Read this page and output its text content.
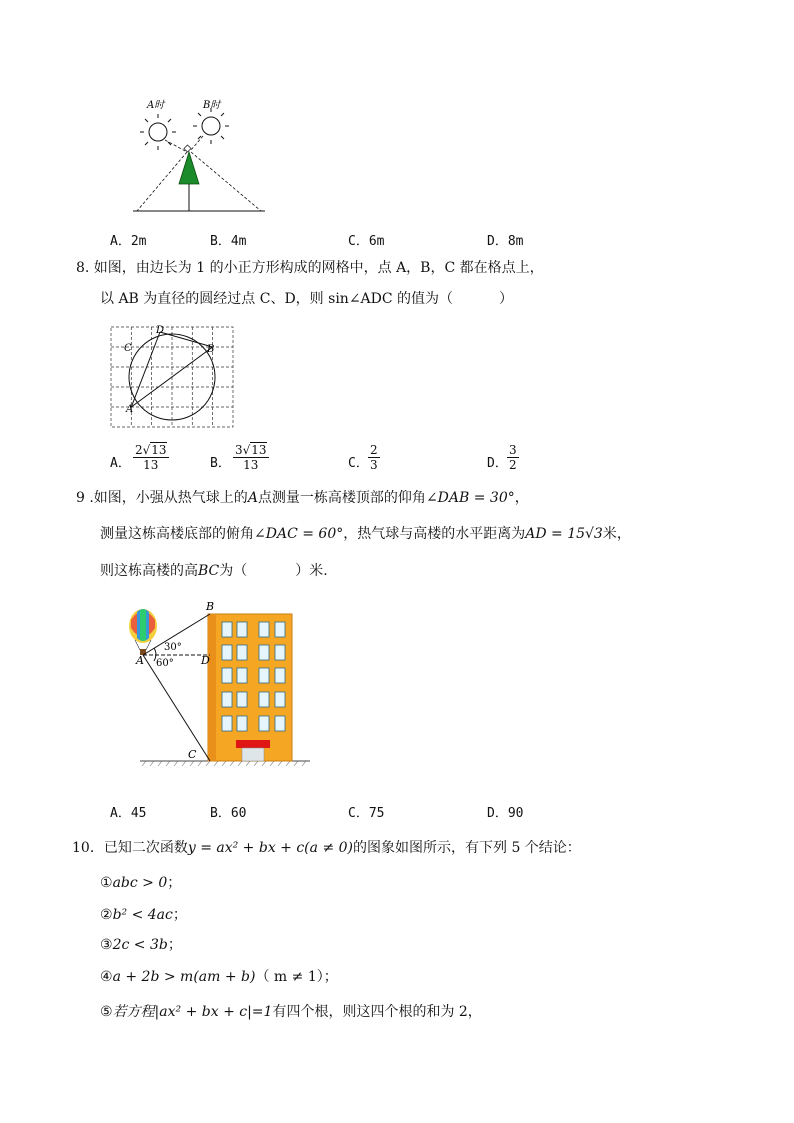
A时	B时
A．2m	B．4m	C．6m	D．8m
8. 如图，由边长为 1 的小正方形构成的网格中，点 A，B，C 都在格点上，
以 AB 为直径的圆经过点 C、D，则 sin∠ADC 的值为（	）
A
B
C
D
A． $\frac{2√13}{13}$	B． $\frac{3√13}{13}$	C． $\frac{2}{3}$	D． $\frac{3}{2}$
9 .如图，小强从热气球上的A点测量一栋高楼顶部的仰角∠DAB = 30°，
测量这栋高楼底部的俯角∠DAC = 60°，热气球与高楼的水平距离为AD = 15√3米，
则这栋高楼的高BC为（	）米.
B
D
A
C
30°
60°
A．45	B．60	C．75	D．90
10．已知二次函数y = ax² + bx + c(a ≠ 0)的图象如图所示，有下列 5 个结论：
①abc > 0；
②b² < 4ac；
③2c < 3b；
④a + 2b > m(am + b)（ m ≠ 1）；
⑤若方程|ax² + bx + c|=1有四个根，则这四个根的和为 2，
